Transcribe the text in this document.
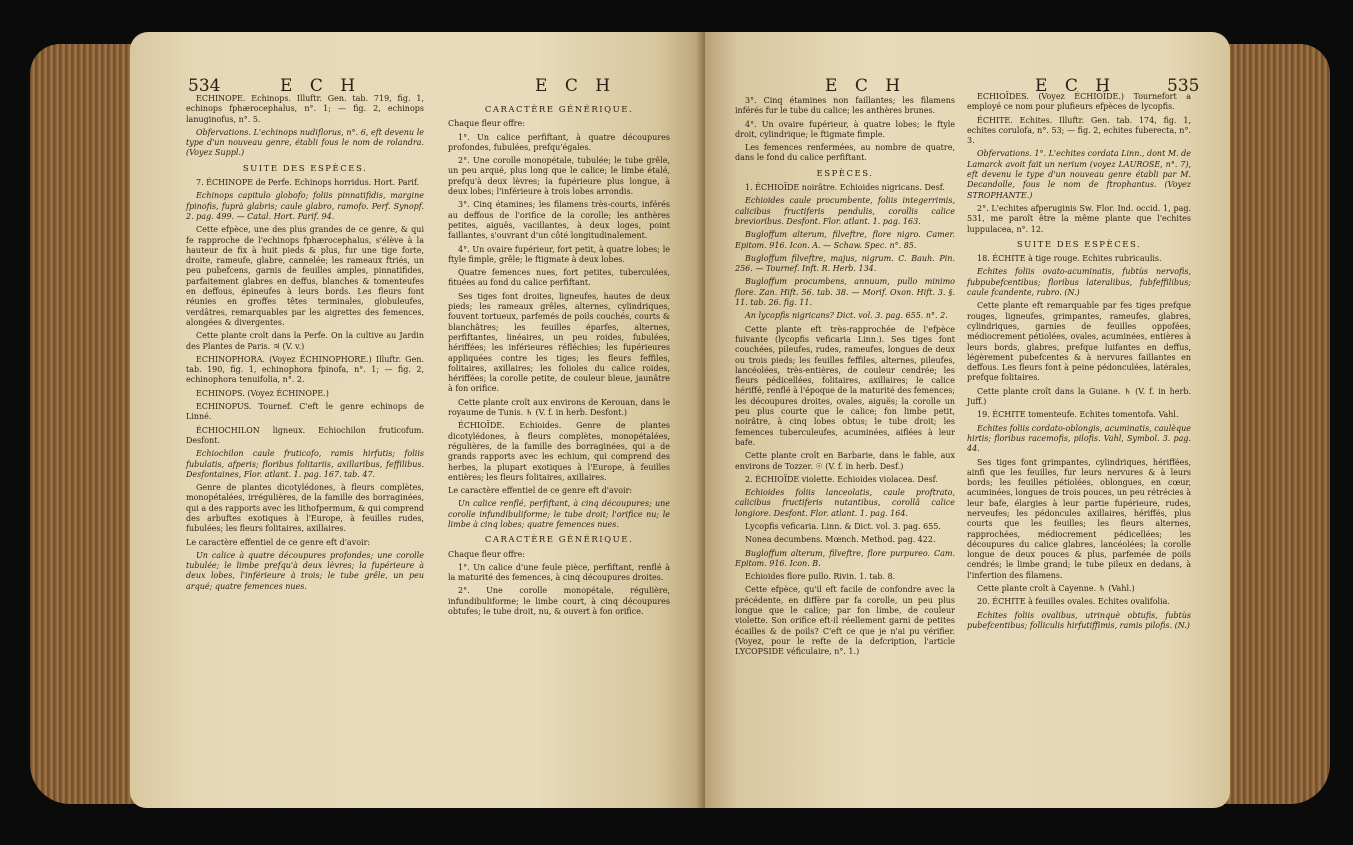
534	E C H	E C H

ECHINOPE. Echinops. Illuftr. Gen. tab. 719, fig. 1, echinops fphærocephalus, n°. 1; — fig. 2, echinops lanuginofus, n°. 5.

Obfervations. L'echinops nudiflorus, n°. 6, eft devenu le type d'un nouveau genre, établi fous le nom de rolandra. (Voyez Suppl.)

SUITE DES ESPÈCES.

7. ÉCHINOPE de Perfe. Echinops horridus. Hort. Parif.

Echinops capitulo globofo; foliis pinnatifidis, margine fpinofis, fuprà glabris; caule glabro, ramofo. Perf. Synopf. 2. pag. 499. — Catal. Hort. Parif. 94.

Cette efpèce, une des plus grandes de ce genre, & qui fe rapproche de l'echinops fphærocephalus, s'élève à la hauteur de fix à huit pieds & plus, fur une tige forte, droite, rameufe, glabre, cannelée; les rameaux ftriés, un peu pubefcens, garnis de feuilles amples, pinnatifides, parfaitement glabres en deffus, blanches & tomenteufes en deffous, épineufes à leurs bords. Les fleurs font réunies en groffes têtes terminales, globuleufes, verdâtres, remarquables par les aigrettes des femences, alongées & divergentes.

Cette plante croît dans la Perfe. On la cultive au Jardin des Plantes de Paris. ♃ (V. v.)

ECHINOPHORA. (Voyez ÉCHINOPHORE.) Illuftr. Gen. tab. 190, fig. 1, echinophora fpinofa, n°. 1; — fig. 2, echinophora tenuifolia, n°. 2.

ECHINOPS. (Voyez ÉCHINOPE.)

ECHINOPUS. Tournef. C'eft le genre echinops de Linné.

ÉCHIOCHILON ligneux. Echiochilon fruticofum. Desfont.

Echiochilon caule fruticofo, ramis hirfutis; foliis fubulatis, afperis; floribus folitariis, axillaribus, feffilibus. Desfontaines, Flor. atlant. 1. pag. 167. tab. 47.

Genre de plantes dicotylédones, à fleurs complètes, monopétalées, irrégulières, de la famille des borraginées, qui a des rapports avec les lithofpermum, & qui comprend des arbuftes exotiques à l'Europe, à feuilles rudes, fubulées; les fleurs folitaires, axillaires.

Le caractère effentiel de ce genre eft d'avoir:

Un calice à quatre découpures profondes; une corolle tubulée; le limbe prefqu'à deux lèvres; la fupérieure à deux lobes, l'inférieure à trois; le tube grêle, un peu arqué; quatre femences nues.

CARACTÈRE GÉNÉRIQUE.

Chaque fleur offre:

1°. Un calice perfiftant, à quatre découpures profondes, fubulées, prefqu'égales.

2°. Une corolle monopétale, tubulée; le tube grêle, un peu arqué, plus long que le calice; le limbe étalé, prefqu'à deux lèvres; la fupérieure plus longue, à deux lobes; l'inférieure à trois lobes arrondis.

3°. Cinq étamines; les filamens très-courts, inférés au deffous de l'orifice de la corolle; les anthères petites, aiguës, vacillantes, à deux loges, point faillantes, s'ouvrant d'un côté longitudinalement.

4°. Un ovaire fupérieur, fort petit, à quatre lobes; le ftyle fimple, grêle; le ftigmate à deux lobes.

Quatre femences nues, fort petites, tuberculées, fituées au fond du calice perfiftant.

Ses tiges font droites, ligneufes, hautes de deux pieds; les rameaux grêles, alternes, cylindriques, fouvent tortueux, parfemés de poils couchés, courts & blanchâtres; les feuilles éparfes, alternes, perfiftantes, linéaires, un peu roides, fubulées, hériffées; les inférieures réfléchies; les fupérieures appliquées contre les tiges; les fleurs feffiles, folitaires, axillaires; les folioles du calice roides, hériffées; la corolle petite, de couleur bleue, jaunâtre à fon orifice.

Cette plante croît aux environs de Kerouan, dans le royaume de Tunis. ♄ (V. f. in herb. Desfont.)

ÉCHIOÏDE. Echioides. Genre de plantes dicotylédones, à fleurs complètes, monopétalées, régulières, de la famille des borraginées, qui a de grands rapports avec les echium, qui comprend des herbes, la plupart exotiques à l'Europe, à feuilles entières; les fleurs folitaires, axillaires.

Le caractère effentiel de ce genre eft d'avoir:

Un calice renflé, perfiftant, à cinq découpures; une corolle infundibuliforme; le tube droit; l'orifice nu; le limbe à cinq lobes; quatre femences nues.

CARACTÈRE GÉNÉRIQUE.

Chaque fleur offre:

1°. Un calice d'une feule pièce, perfiftant, renflé à la maturité des femences, à cinq découpures droites.

2°. Une corolle monopétale, régulière, infundibuliforme; le limbe court, à cinq découpures obtufes; le tube droit, nu, & ouvert à fon orifice.

E C H	E C H	535

3°. Cinq étamines non faillantes; les filamens inférés fur le tube du calice; les anthères brunes.

4°. Un ovaire fupérieur, à quatre lobes; le ftyle droit, cylindrique; le ftigmate fimple.

Les femences renfermées, au nombre de quatre, dans le fond du calice perfiftant.

ESPÈCES.

1. ÉCHIOÏDE noirâtre. Echioides nigricans. Desf.

Echioides caule procumbente, foliis integerrimis, calicibus fructiferis pendulis, corollis calice brevioribus. Desfont. Flor. atlant. 1. pag. 163.

Bugloffum alterum, filveftre, flore nigro. Camer. Epitom. 916. Icon. A. — Schaw. Spec. n°. 85.

Bugloffum filveftre, majus, nigrum. C. Bauh. Pin. 256. — Tournef. Inft. R. Herb. 134.

Bugloffum procumbens, annuum, pullo minimo flore. Zan. Hift. 56. tab. 38. — Morif. Oxon. Hift. 3. §. 11. tab. 26. fig. 11.

An lycopfis nigricans? Dict. vol. 3. pag. 655. n°. 2.

Cette plante eft très-rapprochée de l'efpèce fuivante (lycopfis veficaria Linn.). Ses tiges font couchées, pileufes, rudes, rameufes, longues de deux ou trois pieds; les feuilles feffiles, alternes, pileufes, lancéolées, très-entières, de couleur cendrée; les fleurs pédicellées, folitaires, axillaires; le calice hériffé, renflé à l'époque de la maturité des femences; les découpures droites, ovales, aiguës; la corolle un peu plus courte que le calice; fon limbe petit, noirâtre, à cinq lobes obtus; le tube droit; les femences tuberculeufes, acuminées, aiflées à leur bafe.

Cette plante croît en Barbarie, dans le fable, aux environs de Tozzer. ☉ (V. f. in herb. Desf.)

2. ÉCHIOÏDE violette. Echioides violacea. Desf.

Echioides foliis lanceolatis, caule proftrato, calicibus fructiferis nutantibus, corollâ calice longiore. Desfont. Flor. atlant. 1. pag. 164.

Lycopfis veficaria. Linn. & Dict. vol. 3. pag. 655.

Nonea decumbens. Mœnch. Method. pag. 422.

Bugloffum alterum, filveftre, flore purpureo. Cam. Epitom. 916. Icon. B.

Echioides flore pullo. Rivin. 1. tab. 8.

Cette efpèce, qu'il eft facile de confondre avec la précédente, en diffère par fa corolle, un peu plus longue que le calice; par fon limbe, de couleur violette. Son orifice eft-il réellement garni de petites écailles & de poils? C'eft ce que je n'ai pu vérifier. (Voyez, pour le refte de la defcription, l'article LYCOPSIDE véficulaire, n°. 1.)

ECHIOÏDES. (Voyez ÉCHIOÏDE.) Tournefort a employé ce nom pour plufieurs efpèces de lycopfis.

ÉCHITE. Echites. Illuftr. Gen. tab. 174, fig. 1, echites corulofa, n°. 53; — fig. 2, echites fuberecta, n°. 3.

Obfervations. 1°. L'echites cordata Linn., dont M. de Lamarck avoit fait un nerium (voyez LAUROSE, n°. 7), eft devenu le type d'un nouveau genre établi par M. Decandolle, fous le nom de ftrophantus. (Voyez STROPHANTE.)

2°. L'echites afperuginis Sw. Flor. Ind. occid. 1, pag. 531, me paroît être la même plante que l'echites luppulacea, n°. 12.

SUITE DES ESPÈCES.

18. ÉCHITE à tige rouge. Echites rubricaulis.

Echites foliis ovato-acuminatis, fubtùs nervofis, fubpubefcentibus; floribus lateralibus, fubfeffilibus; caule fcandente, rubro. (N.)

Cette plante eft remarquable par fes tiges prefque rouges, ligneufes, grimpantes, rameufes, glabres, cylindriques, garnies de feuilles oppofées, médiocrement pétiolées, ovales, acuminées, entières à leurs bords, glabres, prefque luifantes en deffus, légèrement pubefcentes & à nervures faillantes en deffous. Les fleurs font à peine pédonculées, latérales, prefque folitaires.

Cette plante croît dans la Guiane. ♄ (V. f. in herb. Juff.)

19. ÉCHITE tomenteufe. Echites tomentofa. Vahl.

Echites foliis cordato-oblongis, acuminatis, caulèque hirtis; floribus racemofis, pilofis. Vahl, Symbol. 3. pag. 44.

Ses tiges font grimpantes, cylindriques, hériffées, ainfi que les feuilles, fur leurs nervures & à leurs bords; les feuilles pétiolées, oblongues, en cœur, acuminées, longues de trois pouces, un peu rétrécies à leur bafe, élargies à leur partie fupérieure, rudes, nerveufes; les pédoncules axillaires, hériffés, plus courts que les feuilles; les fleurs alternes, rapprochées, médiocrement pédicellées; les découpures du calice glabres, lancéolées; la corolle longue de deux pouces & plus, parfemée de poils cendrés; le limbe grand; le tube pileux en dedans, à l'infertion des filamens.

Cette plante croît à Cayenne. ♄ (Vahl.)

20. ÉCHITE à feuilles ovales. Echites ovalifolia.

Echites foliis ovalibus, utrinquè obtufis, fubtùs pubefcentibus; folliculis hirfutiffimis, ramis pilofis. (N.)
